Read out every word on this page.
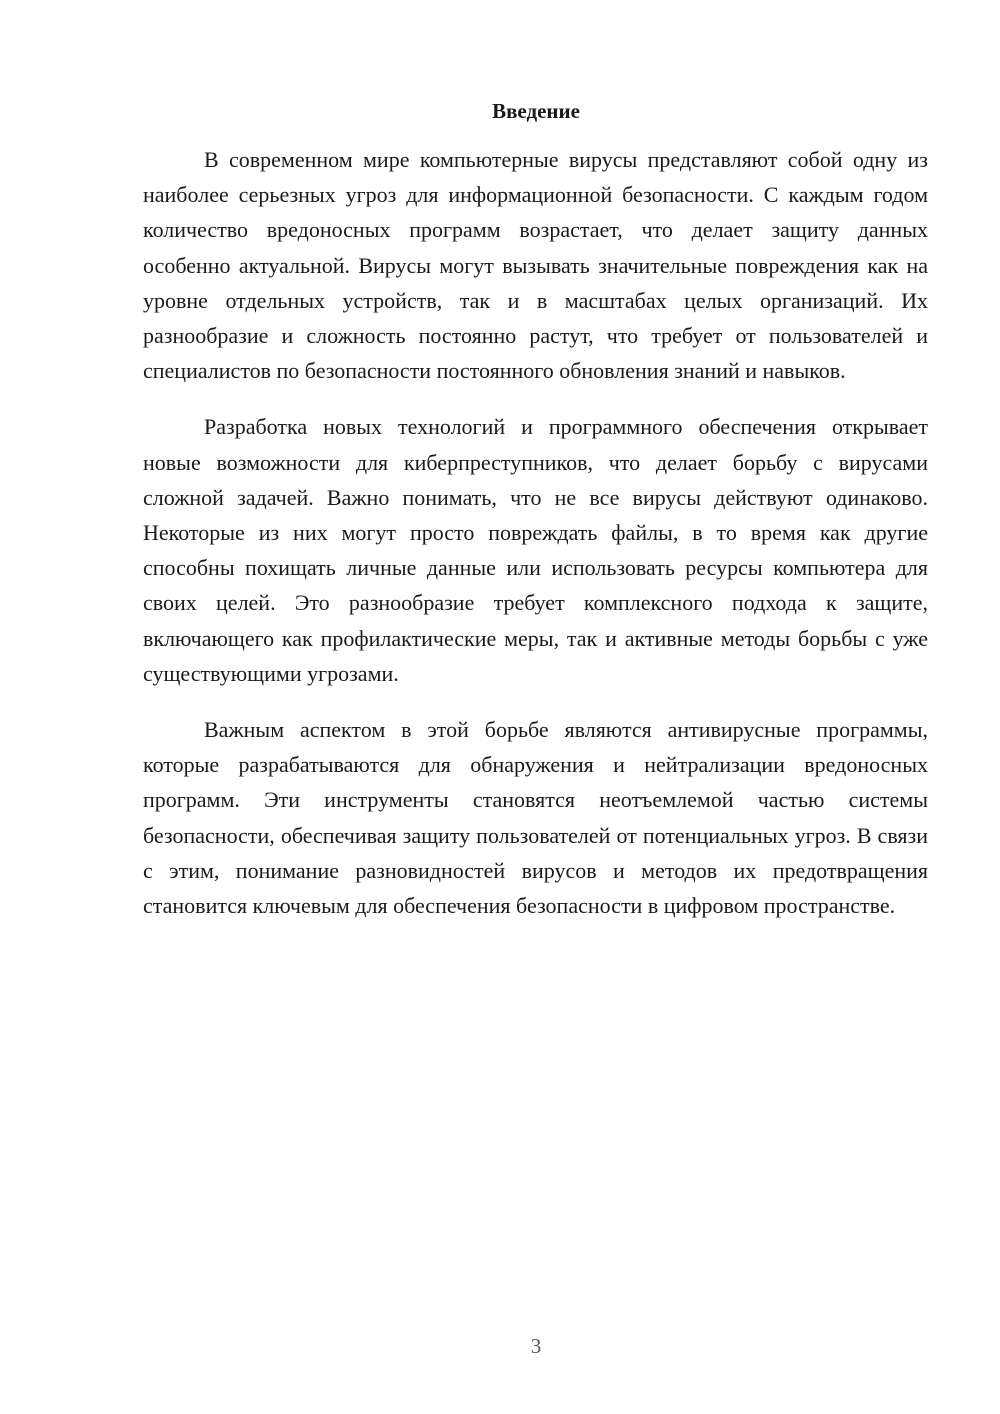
Введение

В современном мире компьютерные вирусы представляют собой одну из наиболее серьезных угроз для информационной безопасности. С каждым годом количество вредоносных программ возрастает, что делает защиту данных особенно актуальной. Вирусы могут вызывать значительные повреждения как на уровне отдельных устройств, так и в масштабах целых организаций. Их разнообразие и сложность постоянно растут, что требует от пользователей и специалистов по безопасности постоянного обновления знаний и навыков.

Разработка новых технологий и программного обеспечения открывает новые возможности для киберпреступников, что делает борьбу с вирусами сложной задачей. Важно понимать, что не все вирусы действуют одинаково. Некоторые из них могут просто повреждать файлы, в то время как другие способны похищать личные данные или использовать ресурсы компьютера для своих целей. Это разнообразие требует комплексного подхода к защите, включающего как профилактические меры, так и активные методы борьбы с уже существующими угрозами.

Важным аспектом в этой борьбе являются антивирусные программы, которые разрабатываются для обнаружения и нейтрализации вредоносных программ. Эти инструменты становятся неотъемлемой частью системы безопасности, обеспечивая защиту пользователей от потенциальных угроз. В связи с этим, понимание разновидностей вирусов и методов их предотвращения становится ключевым для обеспечения безопасности в цифровом пространстве.

3
